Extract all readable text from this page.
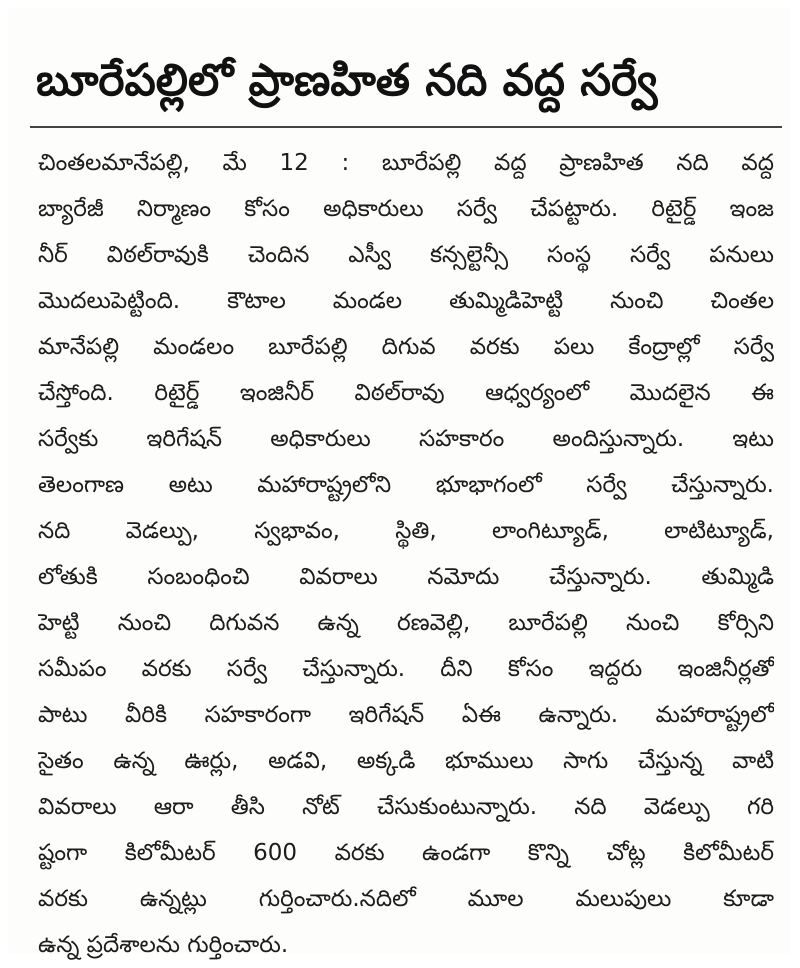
బూరేపల్లిలో ప్రాణహిత నది వద్ద సర్వే
చింతలమానేపల్లి, మే 12 : బూరేపల్లి వద్ద ప్రాణహిత నది వద్ద
బ్యారేజీ నిర్మాణం కోసం అధికారులు సర్వే చేపట్టారు. రిటైర్డ్ ఇంజ
నీర్ విఠల్‌రావుకి చెందిన ఎస్వీ కన్సల్టెన్సీ సంస్థ సర్వే పనులు
మొదలుపెట్టింది. కౌటాల మండల తుమ్మిడిహెట్టి నుంచి చింతల
మానేపల్లి మండలం బూరేపల్లి దిగువ వరకు పలు కేంద్రాల్లో సర్వే
చేస్తోంది. రిటైర్డ్ ఇంజినీర్ విఠల్‌రావు ఆధ్వర్యంలో మొదలైన ఈ
సర్వేకు ఇరిగేషన్ అధికారులు సహకారం అందిస్తున్నారు. ఇటు
తెలంగాణ అటు మహారాష్ట్రలోని భూభాగంలో సర్వే చేస్తున్నారు.
నది వెడల్పు, స్వభావం, స్థితి, లాంగిట్యూడ్, లాటిట్యూడ్,
లోతుకి సంబంధించి వివరాలు నమోదు చేస్తున్నారు. తుమ్మిడి
హెట్టి నుంచి దిగువన ఉన్న రణవెల్లి, బూరేపల్లి నుంచి కోర్సిని
సమీపం వరకు సర్వే చేస్తున్నారు. దీని కోసం ఇద్దరు ఇంజినీర్లతో
పాటు వీరికి సహకారంగా ఇరిగేషన్ ఏఈ ఉన్నారు. మహారాష్ట్రలో
సైతం ఉన్న ఊర్లు, అడవి, అక్కడి భూములు సాగు చేస్తున్న వాటి
వివరాలు ఆరా తీసి నోట్ చేసుకుంటున్నారు. నది వెడల్పు గరి
ష్టంగా కిలోమీటర్ 600 వరకు ఉండగా కొన్ని చోట్ల కిలోమీటర్
వరకు ఉన్నట్లు గుర్తించారు.నదిలో మూల మలుపులు కూడా
ఉన్న ప్రదేశాలను గుర్తించారు.
